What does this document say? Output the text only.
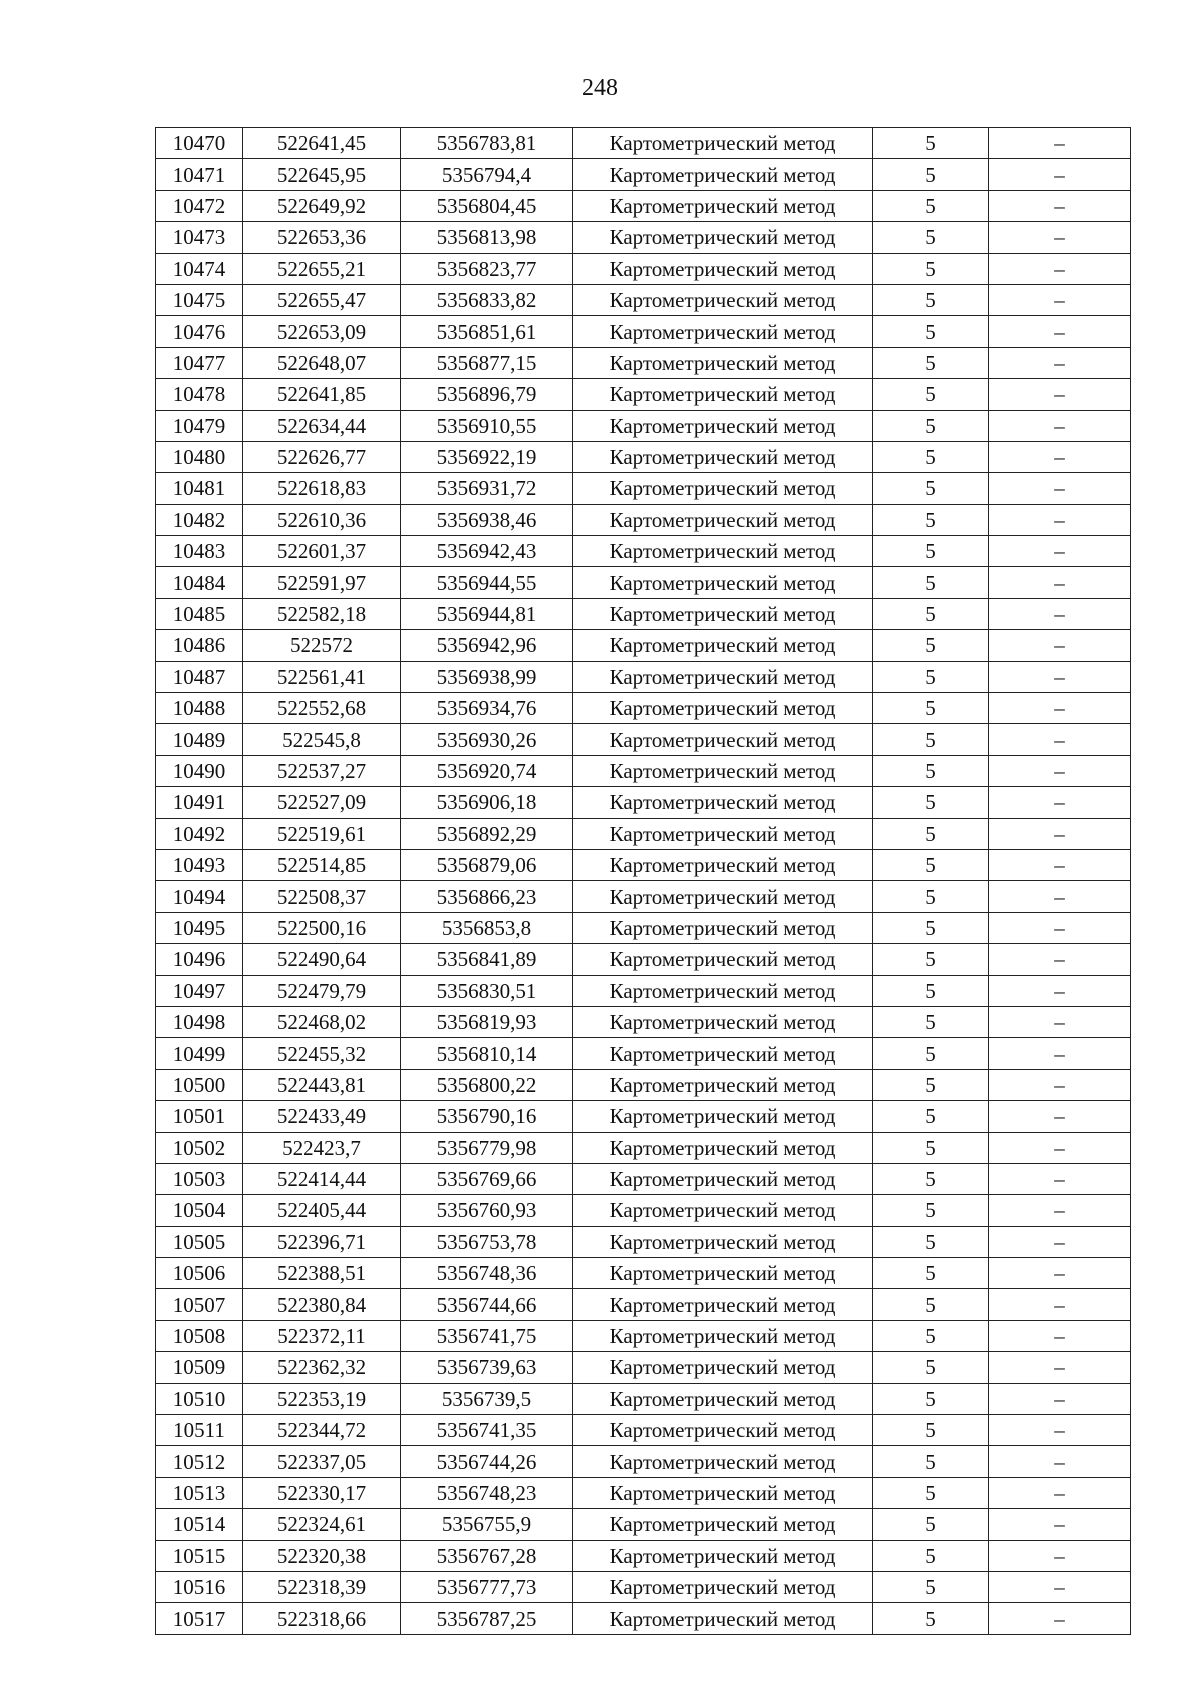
248
10470	522641,45	5356783,81	Картометрический метод	5	–
10471	522645,95	5356794,4	Картометрический метод	5	–
10472	522649,92	5356804,45	Картометрический метод	5	–
10473	522653,36	5356813,98	Картометрический метод	5	–
10474	522655,21	5356823,77	Картометрический метод	5	–
10475	522655,47	5356833,82	Картометрический метод	5	–
10476	522653,09	5356851,61	Картометрический метод	5	–
10477	522648,07	5356877,15	Картометрический метод	5	–
10478	522641,85	5356896,79	Картометрический метод	5	–
10479	522634,44	5356910,55	Картометрический метод	5	–
10480	522626,77	5356922,19	Картометрический метод	5	–
10481	522618,83	5356931,72	Картометрический метод	5	–
10482	522610,36	5356938,46	Картометрический метод	5	–
10483	522601,37	5356942,43	Картометрический метод	5	–
10484	522591,97	5356944,55	Картометрический метод	5	–
10485	522582,18	5356944,81	Картометрический метод	5	–
10486	522572	5356942,96	Картометрический метод	5	–
10487	522561,41	5356938,99	Картометрический метод	5	–
10488	522552,68	5356934,76	Картометрический метод	5	–
10489	522545,8	5356930,26	Картометрический метод	5	–
10490	522537,27	5356920,74	Картометрический метод	5	–
10491	522527,09	5356906,18	Картометрический метод	5	–
10492	522519,61	5356892,29	Картометрический метод	5	–
10493	522514,85	5356879,06	Картометрический метод	5	–
10494	522508,37	5356866,23	Картометрический метод	5	–
10495	522500,16	5356853,8	Картометрический метод	5	–
10496	522490,64	5356841,89	Картометрический метод	5	–
10497	522479,79	5356830,51	Картометрический метод	5	–
10498	522468,02	5356819,93	Картометрический метод	5	–
10499	522455,32	5356810,14	Картометрический метод	5	–
10500	522443,81	5356800,22	Картометрический метод	5	–
10501	522433,49	5356790,16	Картометрический метод	5	–
10502	522423,7	5356779,98	Картометрический метод	5	–
10503	522414,44	5356769,66	Картометрический метод	5	–
10504	522405,44	5356760,93	Картометрический метод	5	–
10505	522396,71	5356753,78	Картометрический метод	5	–
10506	522388,51	5356748,36	Картометрический метод	5	–
10507	522380,84	5356744,66	Картометрический метод	5	–
10508	522372,11	5356741,75	Картометрический метод	5	–
10509	522362,32	5356739,63	Картометрический метод	5	–
10510	522353,19	5356739,5	Картометрический метод	5	–
10511	522344,72	5356741,35	Картометрический метод	5	–
10512	522337,05	5356744,26	Картометрический метод	5	–
10513	522330,17	5356748,23	Картометрический метод	5	–
10514	522324,61	5356755,9	Картометрический метод	5	–
10515	522320,38	5356767,28	Картометрический метод	5	–
10516	522318,39	5356777,73	Картометрический метод	5	–
10517	522318,66	5356787,25	Картометрический метод	5	–
